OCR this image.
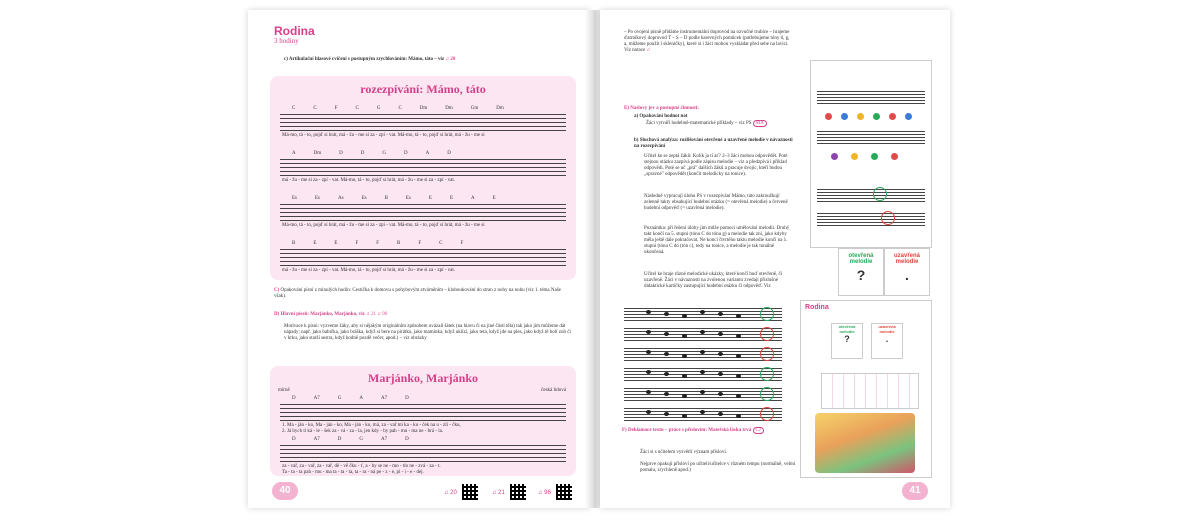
Rodina
3 hodiny
c) Artikulační hlasové cvičení s postupným zrychlováním: Mámo, táto – viz ♫ 20
rozezpívání: Mámo, táto
C	C	F	C	G	C	Dm	Dm	Gm	Dm
Má-mo, tá - to, pojď si hrát, má - žu - me si za - zpí - vat. Má-mo, tá - to, pojď si hrát, má - žu - me si
A	Dm	D	D	G	D	A	D
má - žu - me si za - zpí - vat. Má-mo, tá - to, pojď si hrát, má - žu - me si za - zpí - vat.
Es	Es	As	Es	B	Es	E	E	A	E
Má-mo, tá - to, pojď si hrát, má - žu - me si za - zpí - vat. Má-mo, tá - to, pojď si hrát, má - žu - me si
B	E	E	F	F	B	F	C	F
má - žu - me si za - zpí - vat. Má-mo, tá - to, pojď si hrát, má - žu - me si za - zpí - vat.
C) Opakování písní z minulých hodin: Cestička k domovu s pohybovým ztvárněním – kloboukování do stran z nohy na nohu (viz 1. téma Naše však).
D) Hlavní píseň: Marjánko, Marjánko, viz ♫ 21 ♫ 96
Motivace k písni: vyzveme žáky, aby si nějakým originálním způsobem uvázali šátek (na hlavu či na jiné části těla) tak jako jim můžeme dát nápady: např. jako babička, jako bráška, když si bere na pirátku, jako maminka, když uklízí, jako teta, když jde na ples, jako když tě bolí zub či v krku, jako starší sestra, když hodně pozdě večer, apod.) – viz obrázky
Marjánko, Marjánko
mírně	česká lidová
D	A7	G	A	A7	D
1. Ma - ján - ko, Ma - ján - ko, Ma - ján - ko, má, za - vař mi ka - ku - ček na u - zlí - čku,
2. Já bych ti ká - le - šek za - vá - za - la, jen kdy - by pah - mu - ma ne - brá - la.
D	A7	D	G	A7	D
za - vař, za - vař, za - vař, dě - vě čku - ť, a - by se ne - mo - tlo ne - zvá - za - t.
Ta - ta - ta pah - mu - ma ta - ta - ta, ta - ra - ná pe - z - e, pi - i - e - dej.
40	♫ 20	♫ 21	♫ 96
– Po ovojení písně přidáme instrumentální doprovod na ozvučné trubice – hrajeme ďatrníkový doprovod T – S – D podle barevných pomůcek (potřebujeme tóny d, g, a, můžeme použít i skleničky), které si i žáci mohou vyskládat před sebe na lavici. Viz notace ♫
E) Naslovy jev a postupné činnosti:
a) Opakování hodnot not
Žáci vytváří hudebně-matematické příklady – viz PS MA
b) Sluchová analýza: rozlišování otevřené a uzavřené melodie v návaznosti na rozezpívání
Učitel ke se zeptá žáků: Kolik ja tí ať? 2–3 žáci mohou odpovědět. Poté stejnou otázku zazpívá podle zápisu melodie – viz a předzpívá i příklad odpovědi. Poté se uč „prá" dalších žáků a pracuje dvojic, kteří budou „spravné" odpovědět (končit melodicky na tonice).
Následně vypracují úlohu PS v rozezpívání Mámo, táto zakroužkují zelenně takty obsahující hudební otázku (= otevřená melodie) a červeně hudební odpověď (= uzavřená melodie).
Poznámka: při řešení úlohy jim může pomoci umělování melodii. Druhý takt končí na 5. stupni (tónu C do tónu g) a melodie tak zní, jako kdyby měla ještě dále pokračovat. Ne konci čtvrtého taktu melodie končí na 1. stupni (tónu C do (tón c), tedy na tonice, a melodie je tak tonálně ukončená.
Učitel ke hraje různé melodické ukázky, které končí buď otevřeně, či uzavřeně. Žáci v návaznosti na zvolenou variantu zvedají příslušné didaktické kartičky zastupující hudební otázku či odpověď. Viz
F) Deklamace textu – práce s příslovím: Mateřská láska trvá CJ
Žáci si s učitelem vysvětlí význam přísloví.
Nejprve opakují přísloví po učiteli/učitelce v různém tempu (normálně, velmi pomalu, zrychleně apod.)
otevřená melodie
?
uzavřená melodie
.
Rodina
otevřená melodie
?
uzavřená melodie
.
41
